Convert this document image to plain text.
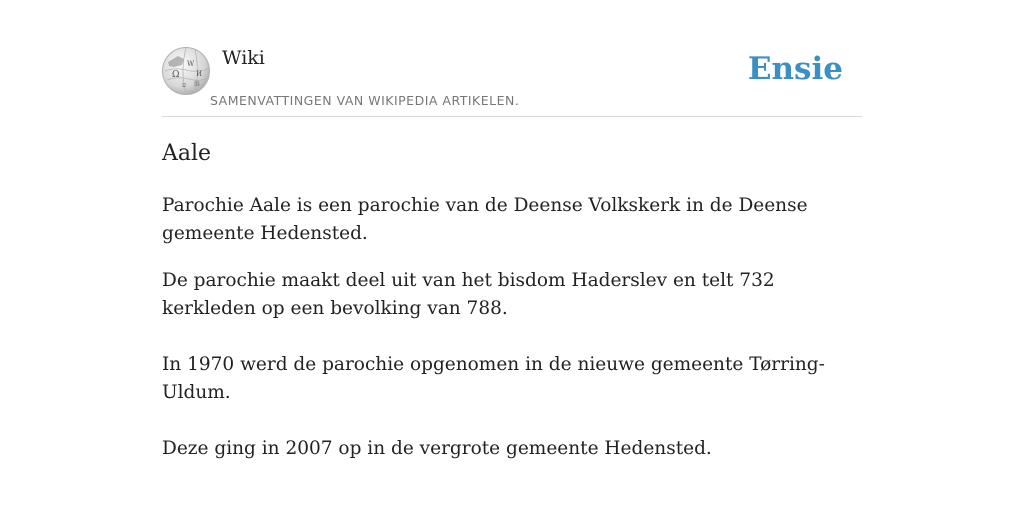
Ω
W
И
ע 維
Wiki
SAMENVATTINGEN VAN WIKIPEDIA ARTIKELEN.
Ensie
Aale

Parochie Aale is een parochie van de Deense Volkskerk in de Deense gemeente Hedensted.

De parochie maakt deel uit van het bisdom Haderslev en telt 732 kerkleden op een bevolking van 788.

In 1970 werd de parochie opgenomen in de nieuwe gemeente Tørring-Uldum.

Deze ging in 2007 op in de vergrote gemeente Hedensted.
